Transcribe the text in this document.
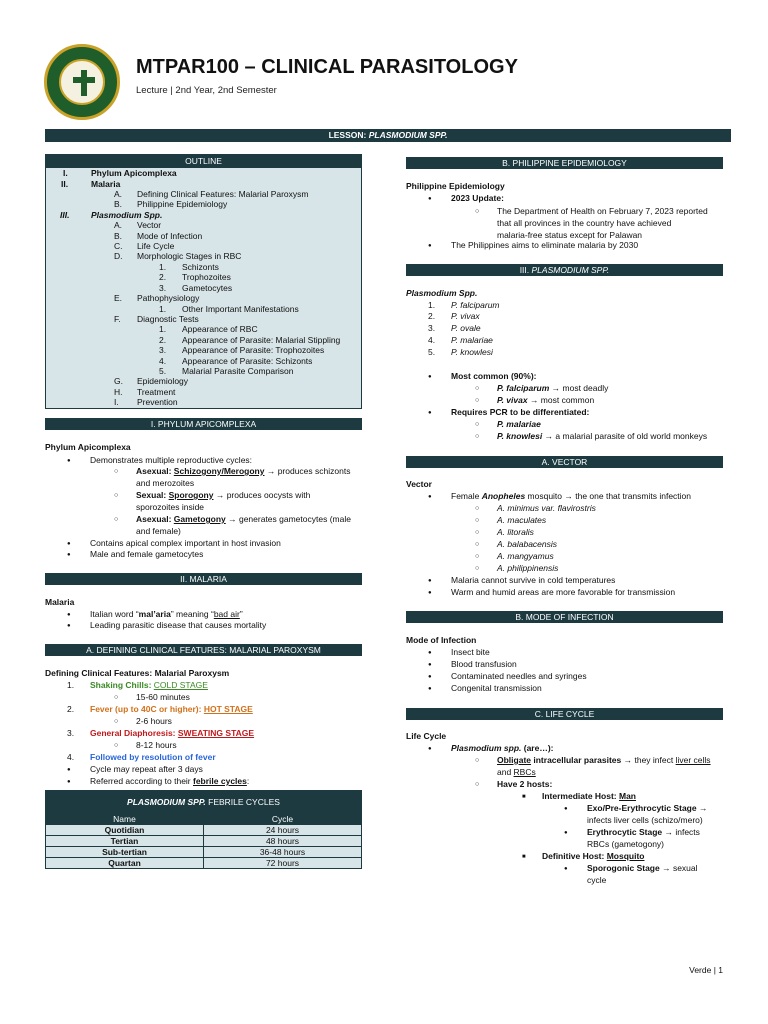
MTPAR100 – CLINICAL PARASITOLOGY
Lecture | 2nd Year, 2nd Semester
LESSON: PLASMODIUM SPP.
OUTLINE
I.	Phylum Apicomplexa
II.	Malaria
A. Defining Clinical Features: Malarial Paroxysm
B. Philippine Epidemiology
III.	Plasmodium Spp.
A. Vector
B. Mode of Infection
C. Life Cycle
D. Morphologic Stages in RBC
1. Schizonts
2. Trophozoites
3. Gametocytes
E. Pathophysiology
1. Other Important Manifestations
F. Diagnostic Tests
1. Appearance of RBC
2. Appearance of Parasite: Malarial Stippling
3. Appearance of Parasite: Trophozoites
4. Appearance of Parasite: Schizonts
5. Malarial Parasite Comparison
G. Epidemiology
H. Treatment
I. Prevention
I. PHYLUM APICOMPLEXA
Phylum Apicomplexa
● Demonstrates multiple reproductive cycles:
○ Asexual: Schizogony/Merogony → produces schizonts
and merozoites
○ Sexual: Sporogony → produces oocysts with
sporozoites inside
○ Asexual: Gametogony → generates gametocytes (male
and female)
● Contains apical complex important in host invasion
● Male and female gametocytes
II. MALARIA
Malaria
● Italian word “mal’aria” meaning “bad air”
● Leading parasitic disease that causes mortality
A. DEFINING CLINICAL FEATURES: MALARIAL PAROXYSM
Defining Clinical Features: Malarial Paroxysm
1. Shaking Chills: COLD STAGE
○ 15-60 minutes
2. Fever (up to 40C or higher): HOT STAGE
○ 2-6 hours
3. General Diaphoresis: SWEATING STAGE
○ 8-12 hours
4. Followed by resolution of fever
● Cycle may repeat after 3 days
● Referred according to their febrile cycles:
PLASMODIUM SPP. FEBRILE CYCLES
Name	Cycle
Quotidian	24 hours
Tertian	48 hours
Sub-tertian	36-48 hours
Quartan	72 hours
B. PHILIPPINE EPIDEMIOLOGY
Philippine Epidemiology
● 2023 Update:
○ The Department of Health on February 7, 2023 reported
that all provinces in the country have achieved
malaria-free status except for Palawan
● The Philippines aims to eliminate malaria by 2030
III. PLASMODIUM SPP.
Plasmodium Spp.
1. P. falciparum
2. P. vivax
3. P. ovale
4. P. malariae
5. P. knowlesi
● Most common (90%):
○ P. falciparum → most deadly
○ P. vivax → most common
● Requires PCR to be differentiated:
○ P. malariae
○ P. knowlesi → a malarial parasite of old world monkeys
A. VECTOR
Vector
● Female Anopheles mosquito → the one that transmits infection
○ A. minimus var. flavirostris
○ A. maculates
○ A. litoralis
○ A. balabacensis
○ A. mangyamus
○ A. philippinensis
● Malaria cannot survive in cold temperatures
● Warm and humid areas are more favorable for transmission
B. MODE OF INFECTION
Mode of Infection
● Insect bite
● Blood transfusion
● Contaminated needles and syringes
● Congenital transmission
C. LIFE CYCLE
Life Cycle
● Plasmodium spp. (are…):
○ Obligate intracellular parasites → they infect liver cells
and RBCs
○ Have 2 hosts:
■ Intermediate Host: Man
● Exo/Pre-Erythrocytic Stage →
infects liver cells (schizo/mero)
● Erythrocytic Stage → infects
RBCs (gametogony)
■ Definitive Host: Mosquito
● Sporogonic Stage → sexual
cycle
Verde | 1
